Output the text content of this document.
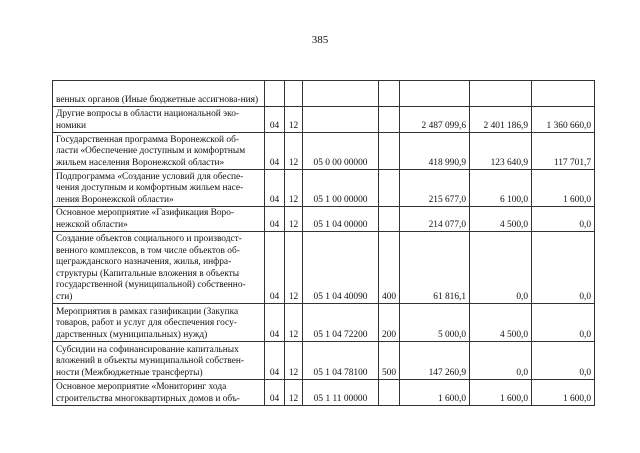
385
венных органов (Иные бюджетные ассигнова-ния)							
Другие вопросы в области национальной эко-номики	04	12			2 487 099,6	2 401 186,9	1 360 660,0
Государственная программа Воронежской об-ласти «Обеспечение доступным и комфортным жильем населения Воронежской области»	04	12	05 0 00 00000		418 990,9	123 640,9	117 701,7
Подпрограмма «Создание условий для обеспе-чения доступным и комфортным жильем насе-ления Воронежской области»	04	12	05 1 00 00000		215 677,0	6 100,0	1 600,0
Основное мероприятие «Газификация Воро-нежской области»	04	12	05 1 04 00000		214 077,0	4 500,0	0,0
Создание объектов социального и производст-венного комплексов, в том числе объектов об-щегражданского назначения, жилья, инфра-структуры (Капитальные вложения в объекты государственной (муниципальной) собственно-сти)	04	12	05 1 04 40090	400	61 816,1	0,0	0,0
Мероприятия в рамках газификации (Закупка товаров, работ и услуг для обеспечения госу-дарственных (муниципальных) нужд)	04	12	05 1 04 72200	200	5 000,0	4 500,0	0,0
Субсидии на софинансирование капитальных вложений в объекты муниципальной собствен-ности (Межбюджетные трансферты)	04	12	05 1 04 78100	500	147 260,9	0,0	0,0
Основное мероприятие «Мониторинг хода строительства многоквартирных домов и объ-	04	12	05 1 11 00000		1 600,0	1 600,0	1 600,0
